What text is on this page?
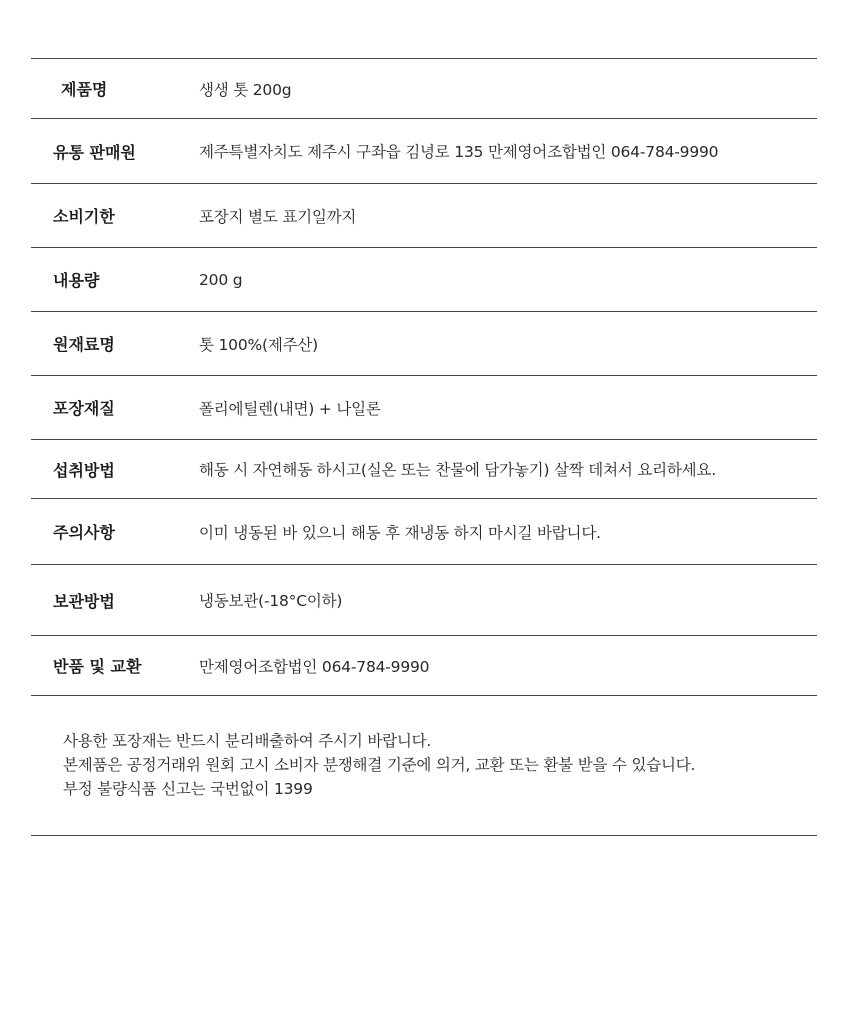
제품명	생생 톳 200g
유통 판매원	제주특별자치도 제주시 구좌읍 김녕로 135 만제영어조합법인 064-784-9990
소비기한	포장지 별도 표기일까지
내용량	200 g
원재료명	톳 100%(제주산)
포장재질	폴리에틸렌(내면) + 나일론
섭취방법	해동 시 자연해동 하시고(실온 또는 찬물에 담가놓기) 살짝 데쳐서 요리하세요.
주의사항	이미 냉동된 바 있으니 해동 후 재냉동 하지 마시길 바랍니다.
보관방법	냉동보관(-18°C이하)
반품 및 교환	만제영어조합법인 064-784-9990
사용한 포장재는 반드시 분리배출하여 주시기 바랍니다.
본제품은 공정거래위 원회 고시 소비자 분쟁해결 기준에 의거, 교환 또는 환불 받을 수 있습니다.
부정 불량식품 신고는 국번없이 1399
